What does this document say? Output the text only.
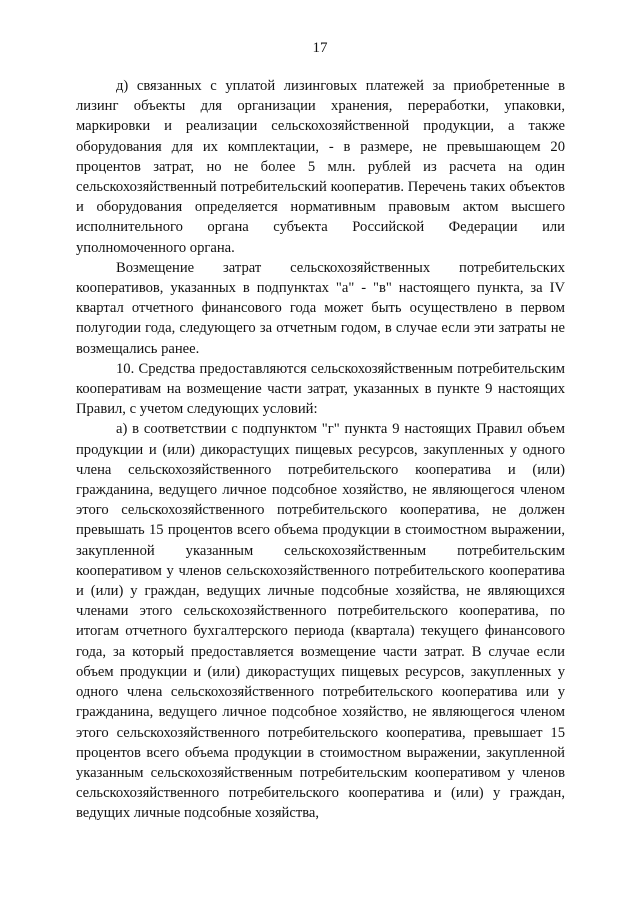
17

д) связанных с уплатой лизинговых платежей за приобретенные в лизинг объекты для организации хранения, переработки, упаковки, маркировки и реализации сельскохозяйственной продукции, а также оборудования для их комплектации, - в размере, не превышающем 20 процентов затрат, но не более 5 млн. рублей из расчета на один сельскохозяйственный потребительский кооператив. Перечень таких объектов и оборудования определяется нормативным правовым актом высшего исполнительного органа субъекта Российской Федерации или уполномоченного органа.

Возмещение затрат сельскохозяйственных потребительских кооперативов, указанных в подпунктах "а" - "в" настоящего пункта, за IV квартал отчетного финансового года может быть осуществлено в первом полугодии года, следующего за отчетным годом, в случае если эти затраты не возмещались ранее.

10. Средства предоставляются сельскохозяйственным потребительским кооперативам на возмещение части затрат, указанных в пункте 9 настоящих Правил, с учетом следующих условий:

а) в соответствии с подпунктом "г" пункта 9 настоящих Правил объем продукции и (или) дикорастущих пищевых ресурсов, закупленных у одного члена сельскохозяйственного потребительского кооператива и (или) гражданина, ведущего личное подсобное хозяйство, не являющегося членом этого сельскохозяйственного потребительского кооператива, не должен превышать 15 процентов всего объема продукции в стоимостном выражении, закупленной указанным сельскохозяйственным потребительским кооперативом у членов сельскохозяйственного потребительского кооператива и (или) у граждан, ведущих личные подсобные хозяйства, не являющихся членами этого сельскохозяйственного потребительского кооператива, по итогам отчетного бухгалтерского периода (квартала) текущего финансового года, за который предоставляется возмещение части затрат. В случае если объем продукции и (или) дикорастущих пищевых ресурсов, закупленных у одного члена сельскохозяйственного потребительского кооператива или у гражданина, ведущего личное подсобное хозяйство, не являющегося членом этого сельскохозяйственного потребительского кооператива, превышает 15 процентов всего объема продукции в стоимостном выражении, закупленной указанным сельскохозяйственным потребительским кооперативом у членов сельскохозяйственного потребительского кооператива и (или) у граждан, ведущих личные подсобные хозяйства,
